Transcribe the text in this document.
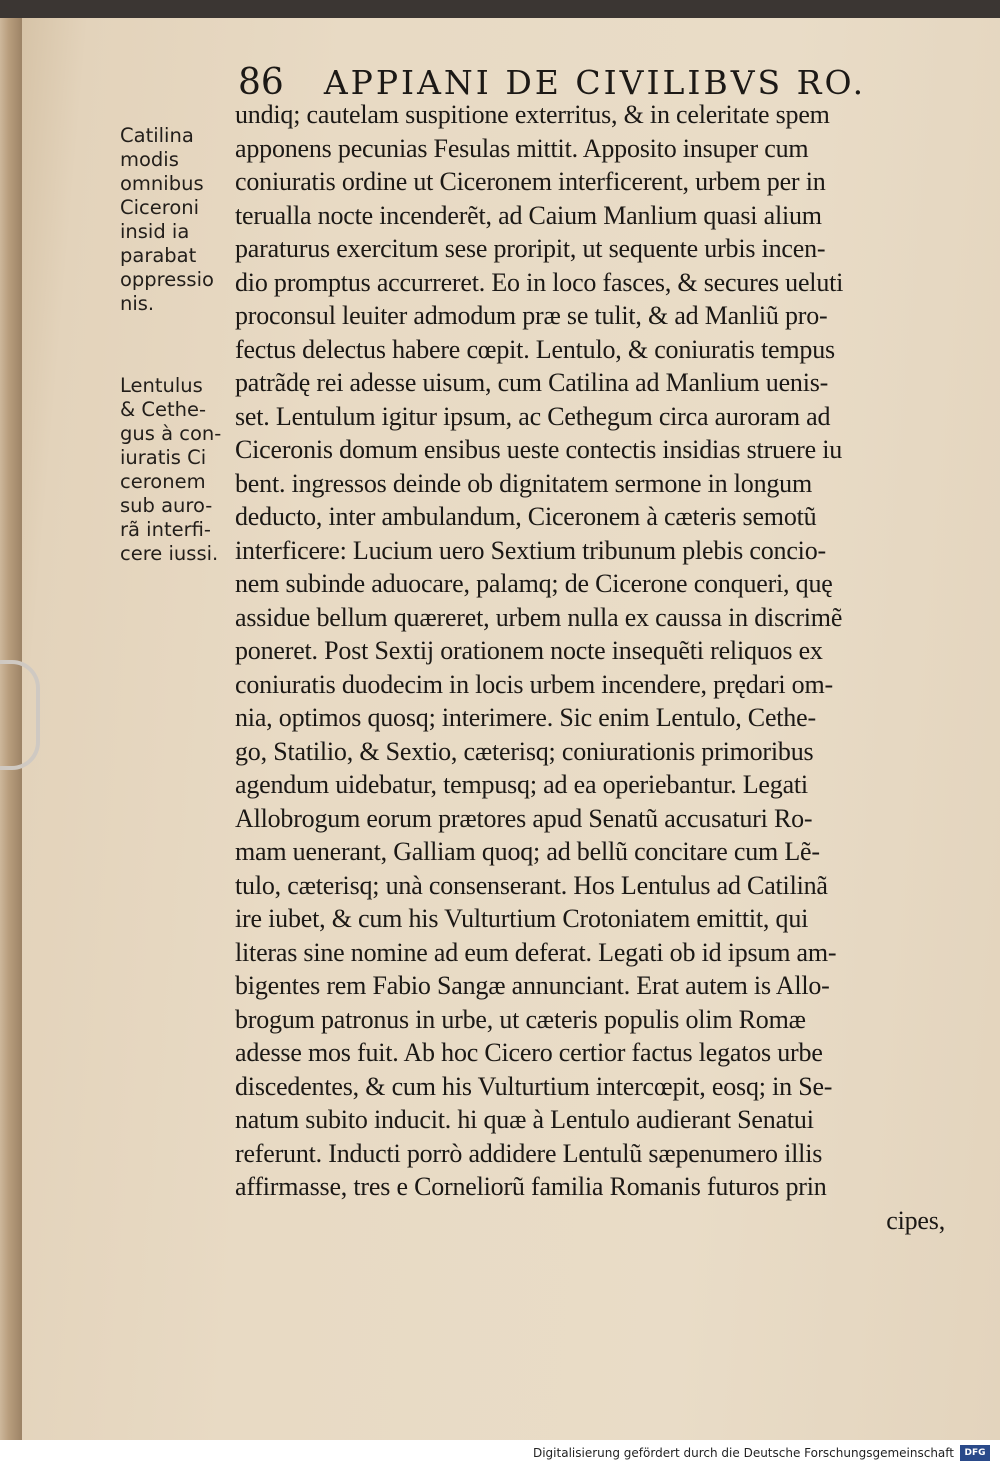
86 APPIANI DE CIVILIBVS RO.
Catilina
modis
omnibus
Ciceroni
insid ia
parabat
oppressio
nis.
Lentulus
& Cethe-
gus à con-
iuratis Ci
ceronem
sub auro-
rã interfi-
cere iussi.
undiq; cautelam suspitione exterritus, & in celeritate spem
apponens pecunias Fesulas mittit. Apposito insuper cum
coniuratis ordine ut Ciceronem interficerent, urbem per in
terualla nocte incenderẽt, ad Caium Manlium quasi alium
paraturus exercitum sese proripit, ut sequente urbis incen-
dio promptus accurreret. Eo in loco fasces, & secures ueluti
proconsul leuiter admodum præ se tulit, & ad Manliũ pro-
fectus delectus habere cœpit. Lentulo, & coniuratis tempus
patrãdę rei adesse uisum, cum Catilina ad Manlium uenis-
set. Lentulum igitur ipsum, ac Cethegum circa auroram ad
Ciceronis domum ensibus ueste contectis insidias struere iu
bent. ingressos deinde ob dignitatem sermone in longum
deducto, inter ambulandum, Ciceronem à cæteris semotũ
interficere: Lucium uero Sextium tribunum plebis concio-
nem subinde aduocare, palamq; de Cicerone conqueri, quę
assidue bellum quæreret, urbem nulla ex caussa in discrimẽ
poneret. Post Sextij orationem nocte insequẽti reliquos ex
coniuratis duodecim in locis urbem incendere, prędari om-
nia, optimos quosq; interimere. Sic enim Lentulo, Cethe-
go, Statilio, & Sextio, cæterisq; coniurationis primoribus
agendum uidebatur, tempusq; ad ea operiebantur. Legati
Allobrogum eorum prætores apud Senatũ accusaturi Ro-
mam uenerant, Galliam quoq; ad bellũ concitare cum Lẽ-
tulo, cæterisq; unà consenserant. Hos Lentulus ad Catilinã
ire iubet, & cum his Vulturtium Crotoniatem emittit, qui
literas sine nomine ad eum deferat. Legati ob id ipsum am-
bigentes rem Fabio Sangæ annunciant. Erat autem is Allo-
brogum patronus in urbe, ut cæteris populis olim Romæ
adesse mos fuit. Ab hoc Cicero certior factus legatos urbe
discedentes, & cum his Vulturtium intercœpit, eosq; in Se-
natum subito inducit. hi quæ à Lentulo audierant Senatui
referunt. Inducti porrò addidere Lentulũ sæpenumero illis
affirmasse, tres e Corneliorũ familia Romanis futuros prin
cipes,
Digitalisierung gefördert durch die Deutsche Forschungsgemeinschaft	DFG
